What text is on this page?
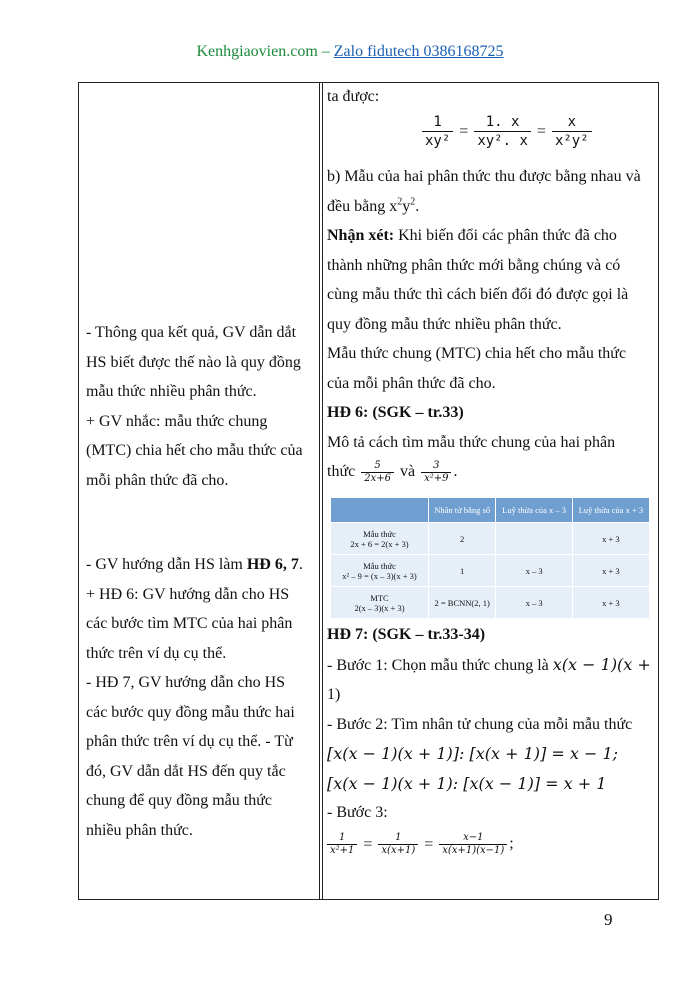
Kenhgiaovien.com – Zalo fidutech 0386168725
- Thông qua kết quả, GV dẫn dắt
HS biết được thế nào là quy đồng
mẫu thức nhiều phân thức.
+ GV nhắc: mẫu thức chung
(MTC) chia hết cho mẫu thức của
mỗi phân thức đã cho.
- GV hướng dẫn HS làm HĐ 6, 7.
+ HĐ 6: GV hướng dẫn cho HS
các bước tìm MTC của hai phân
thức trên ví dụ cụ thể.
- HĐ 7, GV hướng dẫn cho HS
các bước quy đồng mẫu thức hai
phân thức trên ví dụ cụ thể. - Từ
đó, GV dẫn dắt HS đến quy tắc
chung để quy đồng mẫu thức
nhiều phân thức.
ta được:
$\frac{1}{\text{xy²}} = \frac{1. x}{\text{xy². x}} = \frac{x}{\text{x²y²}}$
b) Mẫu của hai phân thức thu được bằng nhau và
đều bằng $x^2y^2$.
Nhận xét: Khi biến đổi các phân thức đã cho
thành những phân thức mới bằng chúng và có
cùng mẫu thức thì cách biến đổi đó được gọi là
quy đồng mẫu thức nhiều phân thức.
Mẫu thức chung (MTC) chia hết cho mẫu thức
của mỗi phân thức đã cho.
HĐ 6: (SGK – tr.33)
Mô tả cách tìm mẫu thức chung của hai phân
thức $\frac{5}{2x+6}$ và $\frac{3}{\text{x²+9}}$ .
	Nhân tử bằng số	Luỹ thừa của x – 3	Luỹ thừa của x + 3
Mẫu thức
2x + 6 = 2(x + 3)	2		x + 3
Mẫu thức
x² – 9 = (x – 3)(x + 3)	1	x – 3	x + 3
MTC
2(x – 3)(x + 3)	2 = BCNN(2, 1)	x – 3	x + 3
HĐ 7: (SGK – tr.33-34)
- Bước 1: Chọn mẫu thức chung là x(x − 1)(x +
1)
- Bước 2: Tìm nhân tử chung của mỗi mẫu thức
[x(x − 1)(x + 1)]: [x(x + 1)] = x − 1;
[x(x − 1)(x + 1): [x(x − 1)] = x + 1
- Bước 3:
$\frac{1}{\text{x²+1}} = \frac{1}{x(x+1)} = \frac{x-1}{x(x+1)(x-1)}$ ;
9
